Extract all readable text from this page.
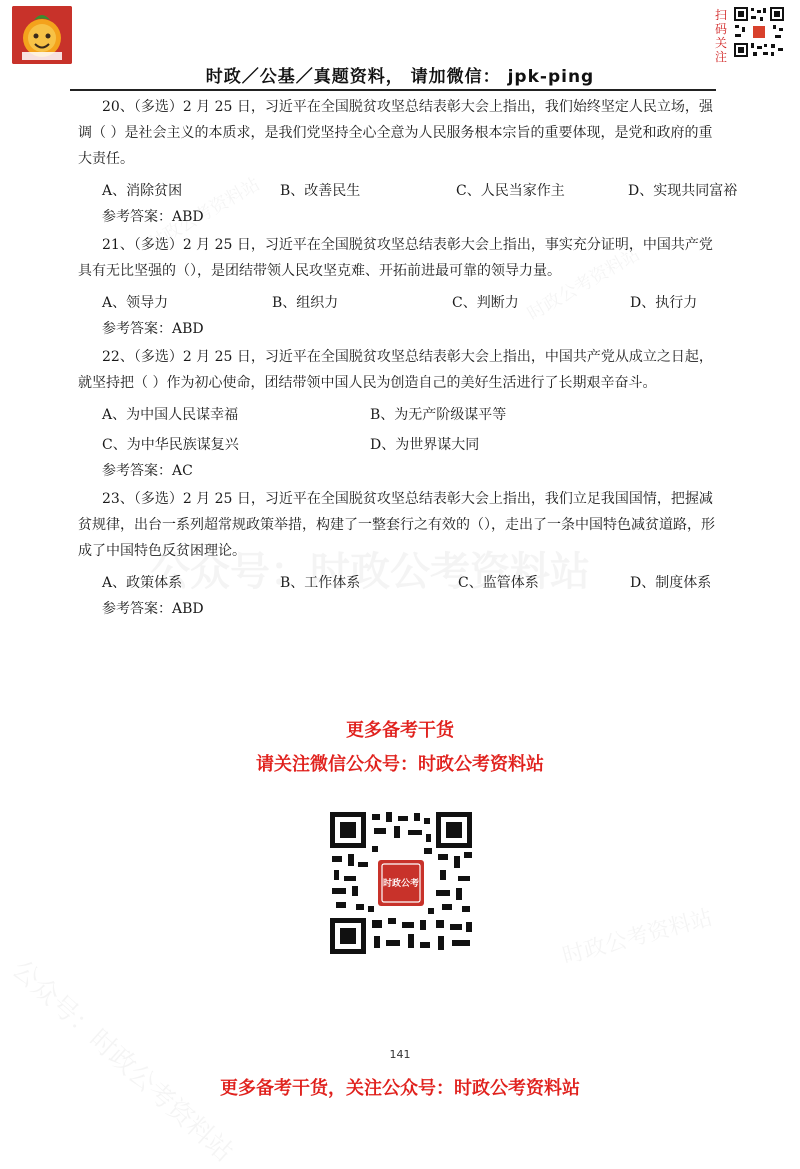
时政／公基／真题资料， 请加微信： jpk-ping
扫码关注
20、（多选）2 月 25 日，习近平在全国脱贫攻坚总结表彰大会上指出，我们始终坚定人民立场，强调（ ）是社会主义的本质求，是我们党坚持全心全意为人民服务根本宗旨的重要体现，是党和政府的重大责任。
A、消除贫困	B、改善民生	C、人民当家作主	D、实现共同富裕
参考答案：ABD
21、（多选）2 月 25 日，习近平在全国脱贫攻坚总结表彰大会上指出，事实充分证明，中国共产党具有无比坚强的（），是团结带领人民攻坚克难、开拓前进最可靠的领导力量。
A、领导力	B、组织力	C、判断力	D、执行力
参考答案：ABD
22、（多选）2 月 25 日，习近平在全国脱贫攻坚总结表彰大会上指出，中国共产党从成立之日起，就坚持把（ ）作为初心使命，团结带领中国人民为创造自己的美好生活进行了长期艰辛奋斗。
A、为中国人民谋幸福	B、为无产阶级谋平等
C、为中华民族谋复兴	D、为世界谋大同
参考答案：AC
23、（多选）2 月 25 日，习近平在全国脱贫攻坚总结表彰大会上指出，我们立足我国国情，把握减贫规律，出台一系列超常规政策举措，构建了一整套行之有效的（），走出了一条中国特色减贫道路，形成了中国特色反贫困理论。
A、政策体系	B、工作体系	C、监管体系	D、制度体系
参考答案：ABD
更多备考干货
请关注微信公众号：时政公考资料站
时政公考
141
更多备考干货，关注公众号：时政公考资料站
